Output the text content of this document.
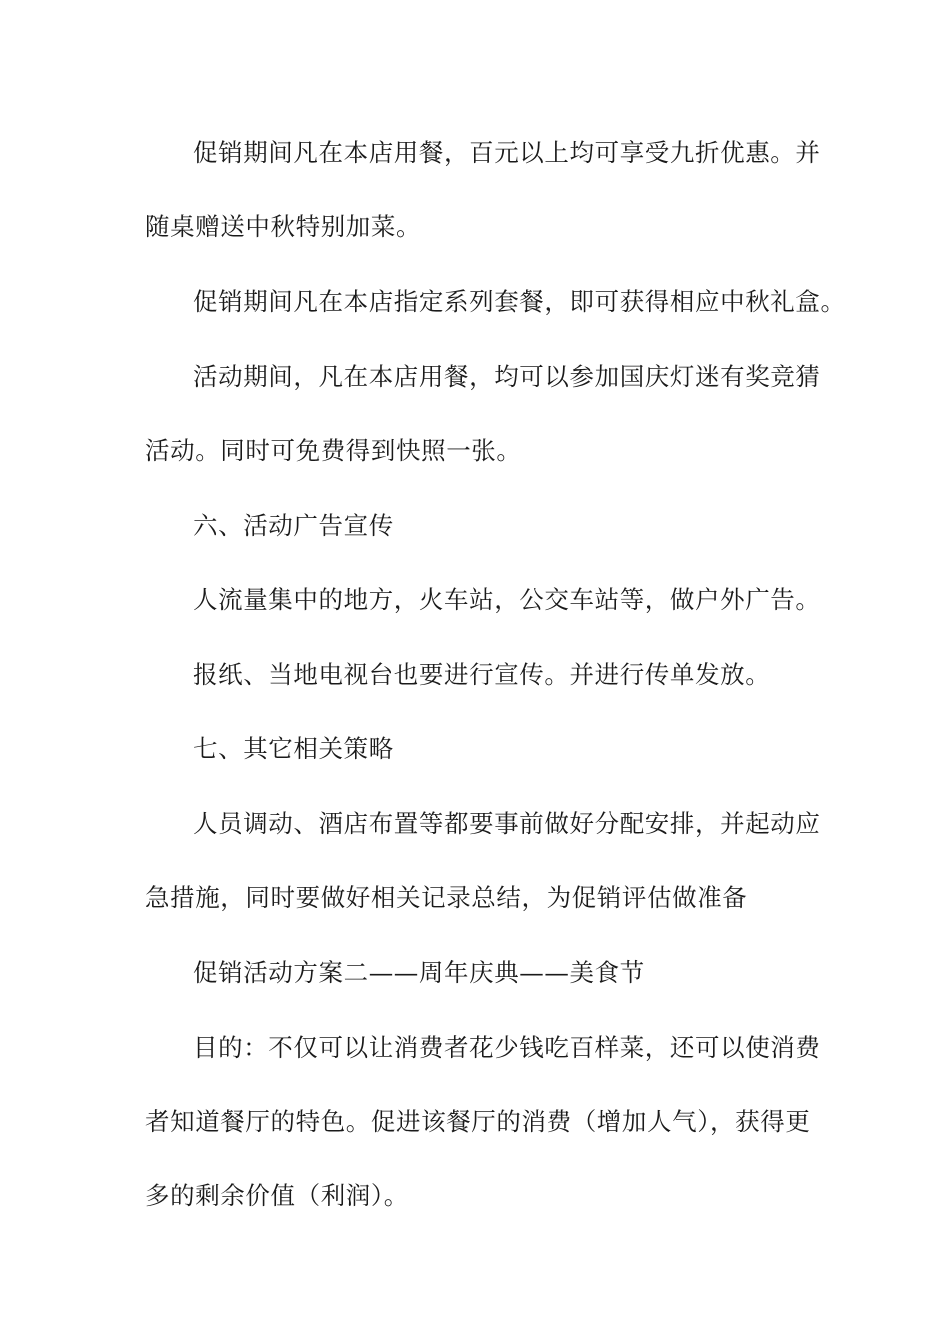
促销期间凡在本店用餐，百元以上均可享受九折优惠。并
随桌赠送中秋特别加菜。
促销期间凡在本店指定系列套餐，即可获得相应中秋礼盒。
活动期间，凡在本店用餐，均可以参加国庆灯迷有奖竞猜
活动。同时可免费得到快照一张。
六、活动广告宣传
人流量集中的地方，火车站，公交车站等，做户外广告。
报纸、当地电视台也要进行宣传。并进行传单发放。
七、其它相关策略
人员调动、酒店布置等都要事前做好分配安排，并起动应
急措施，同时要做好相关记录总结，为促销评估做准备
促销活动方案二——周年庆典——美食节
目的：不仅可以让消费者花少钱吃百样菜，还可以使消费
者知道餐厅的特色。促进该餐厅的消费（增加人气），获得更
多的剩余价值（利润）。
